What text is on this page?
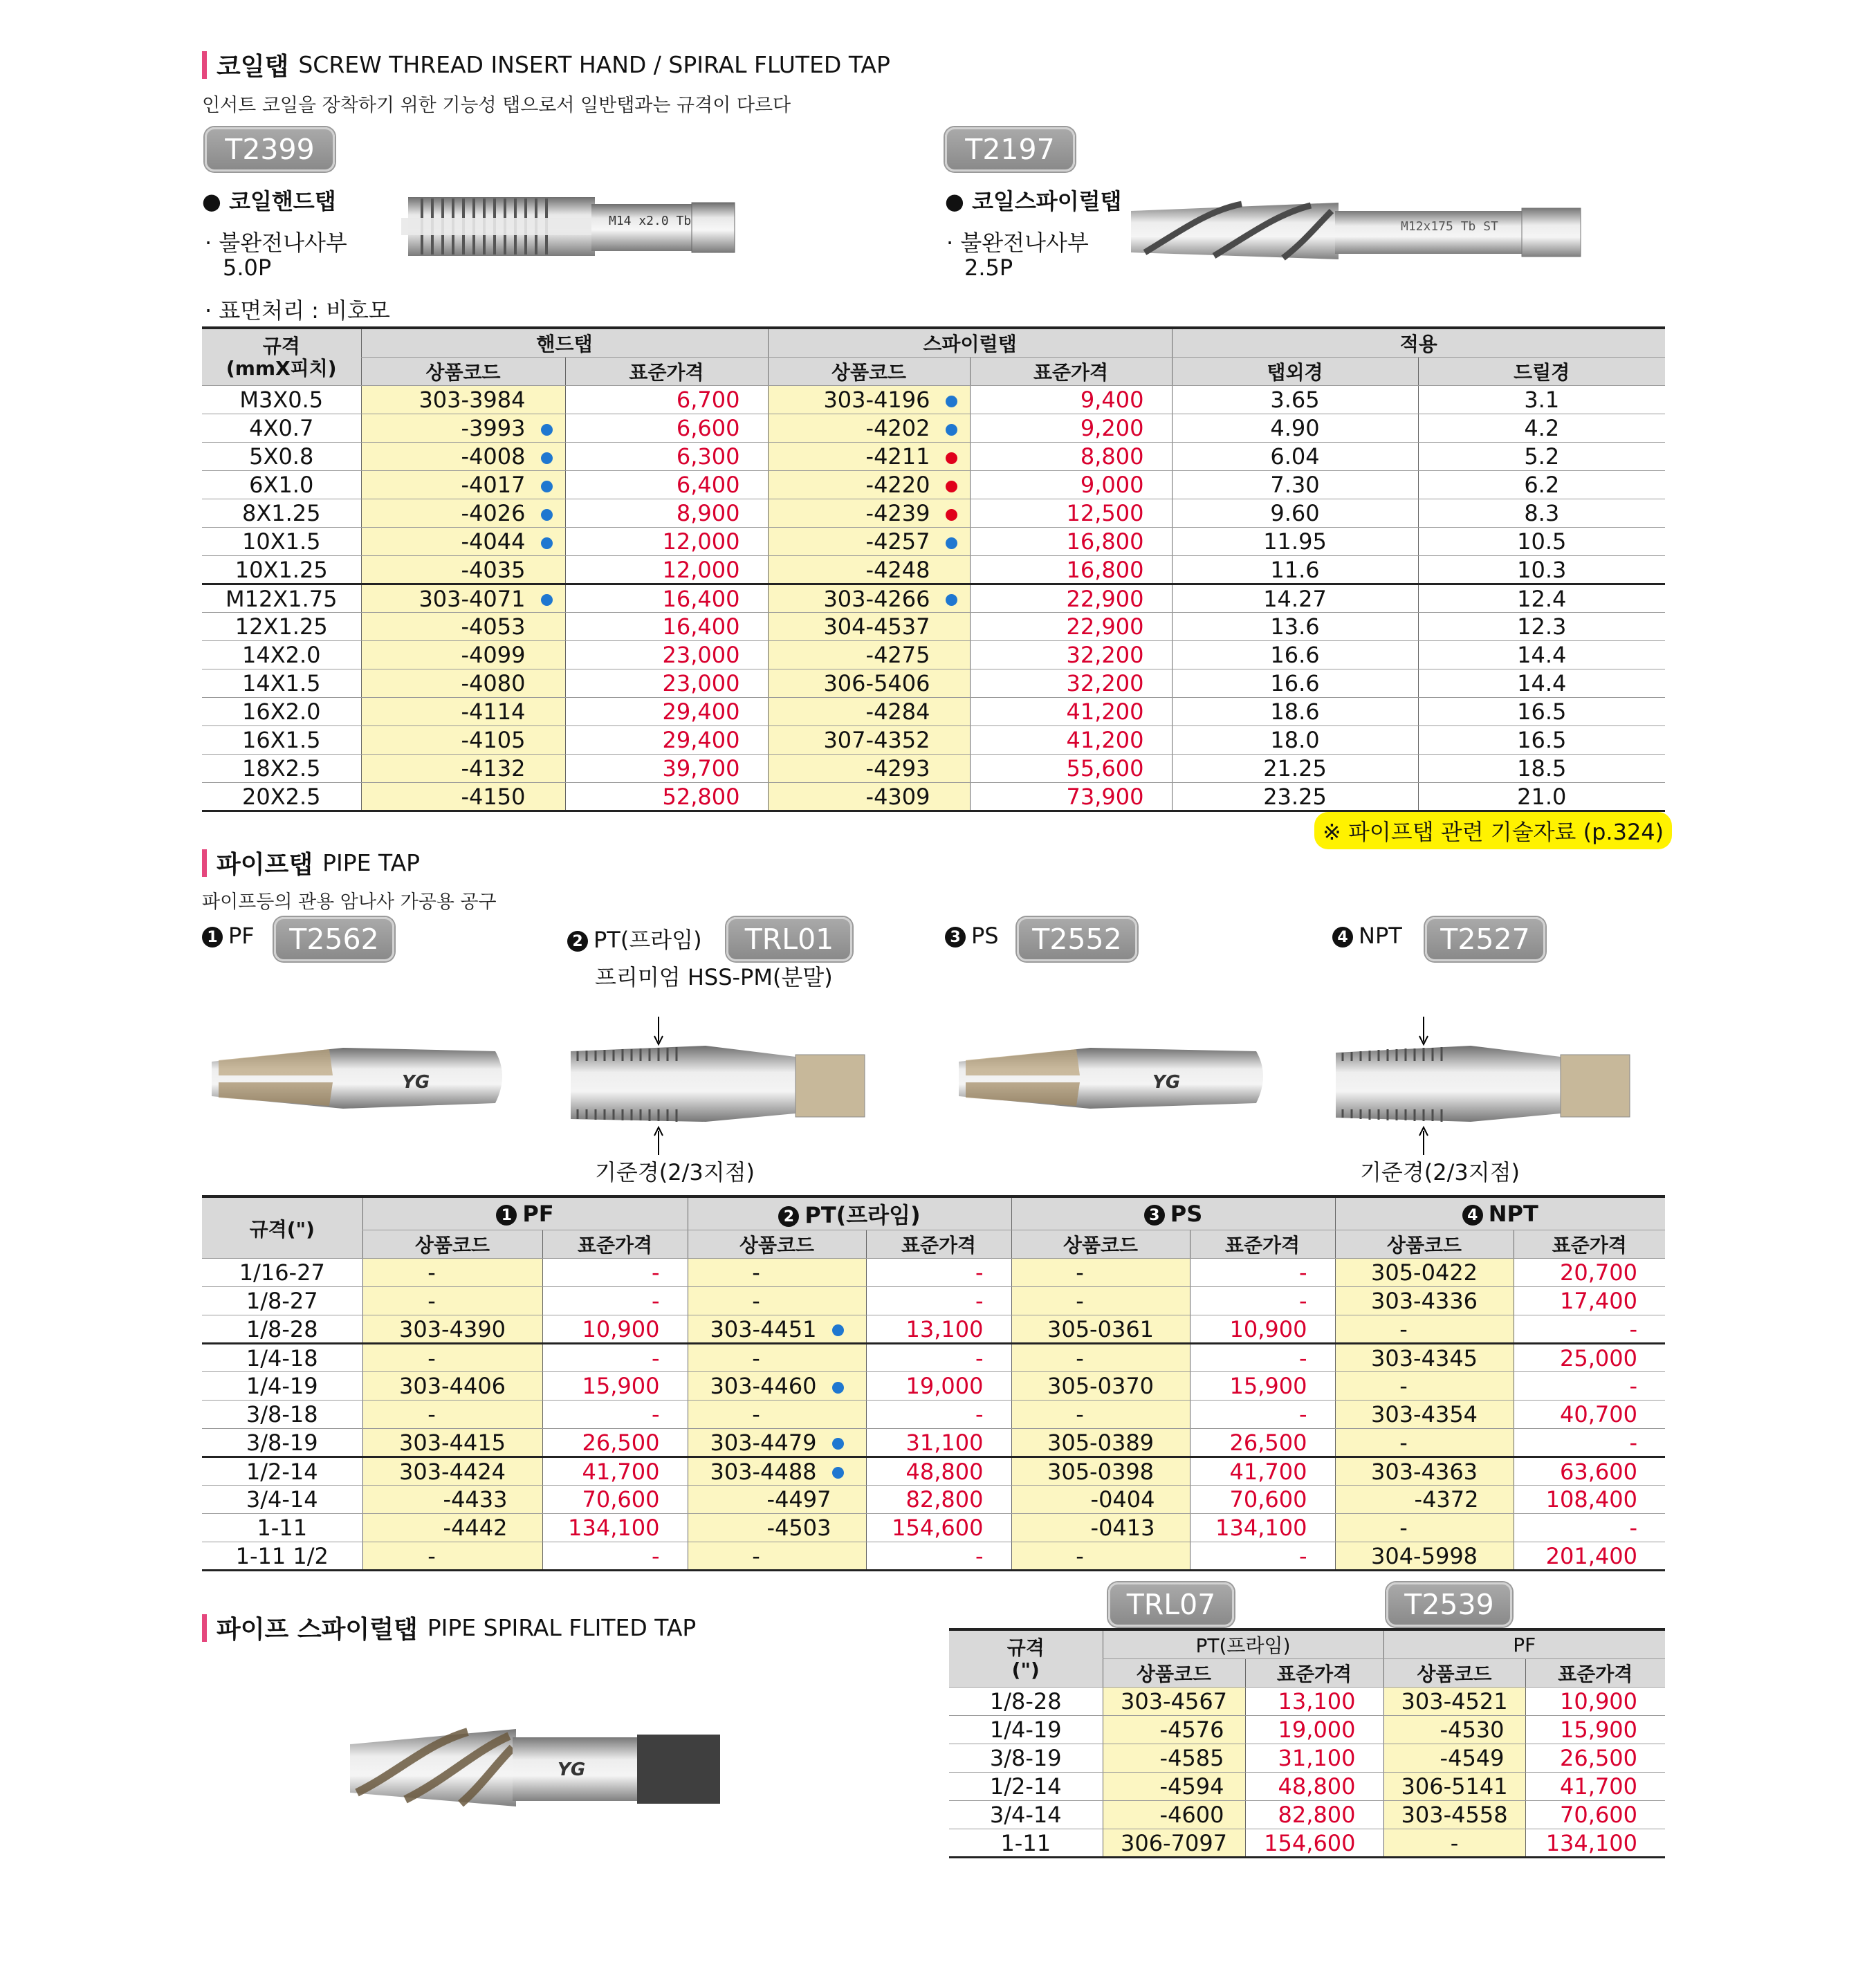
코일탭 SCREW THREAD INSERT HAND / SPIRAL FLUTED TAP
인서트 코일을 장착하기 위한 기능성 탭으로서 일반탭과는 규격이 다르다
T2399	T2197
● 코일핸드탭
· 불완전나사부
5.0P
· 표면처리 : 비호모
● 코일스파이럴탭
· 불완전나사부
2.5P
M14 x2.0 Tb	M12x175 Tb ST
규격
(mmX피치)	핸드탭		스파이럴탭		적용	
	상품코드	표준가격	상품코드	표준가격	탭외경	드릴경
M3X0.5	303-3984	6,700	303-4196	9,400	3.65	3.1
4X0.7	-3993	6,600	-4202	9,200	4.90	4.2
5X0.8	-4008	6,300	-4211	8,800	6.04	5.2
6X1.0	-4017	6,400	-4220	9,000	7.30	6.2
8X1.25	-4026	8,900	-4239	12,500	9.60	8.3
10X1.5	-4044	12,000	-4257	16,800	11.95	10.5
10X1.25	-4035	12,000	-4248	16,800	11.6	10.3
M12X1.75	303-4071	16,400	303-4266	22,900	14.27	12.4
12X1.25	-4053	16,400	304-4537	22,900	13.6	12.3
14X2.0	-4099	23,000	-4275	32,200	16.6	14.4
14X1.5	-4080	23,000	306-5406	32,200	16.6	14.4
16X2.0	-4114	29,400	-4284	41,200	18.6	16.5
16X1.5	-4105	29,400	307-4352	41,200	18.0	16.5
18X2.5	-4132	39,700	-4293	55,600	21.25	18.5
20X2.5	-4150	52,800	-4309	73,900	23.25	21.0
※ 파이프탭 관련 기술자료 (p.324)
파이프탭 PIPE TAP
파이프등의 관용 암나사 가공용 공구
1 PF	T2562	2 PT(프라임)	TRL01
프리미엄 HSS-PM(분말)
3 PS	T2552	4 NPT	T2527
YG
기준경(2/3지점)
YG
기준경(2/3지점)
규격(")	1 PF		2 PT(프라임)		3 PS		4 NPT	
	상품코드	표준가격	상품코드	표준가격	상품코드	표준가격	상품코드	표준가격
1/16-27	-	-	-	-	-	-	305-0422	20,700
1/8-27	-	-	-	-	-	-	303-4336	17,400
1/8-28	303-4390	10,900	303-4451	13,100	305-0361	10,900	-	-
1/4-18	-	-	-	-	-	-	303-4345	25,000
1/4-19	303-4406	15,900	303-4460	19,000	305-0370	15,900	-	-
3/8-18	-	-	-	-	-	-	303-4354	40,700
3/8-19	303-4415	26,500	303-4479	31,100	305-0389	26,500	-	-
1/2-14	303-4424	41,700	303-4488	48,800	305-0398	41,700	303-4363	63,600
3/4-14	-4433	70,600	-4497	82,800	-0404	70,600	-4372	108,400
1-11	-4442	134,100	-4503	154,600	-0413	134,100	-	-
1-11 1/2	-	-	-	-	-	-	304-5998	201,400
파이프 스파이럴탭 PIPE SPIRAL FLITED TAP
TRL07	T2539
YG
규격
(")	PT(프라임)		PF	
	상품코드	표준가격	상품코드	표준가격
1/8-28	303-4567	13,100	303-4521	10,900
1/4-19	-4576	19,000	-4530	15,900
3/8-19	-4585	31,100	-4549	26,500
1/2-14	-4594	48,800	306-5141	41,700
3/4-14	-4600	82,800	303-4558	70,600
1-11	306-7097	154,600	-	134,100
